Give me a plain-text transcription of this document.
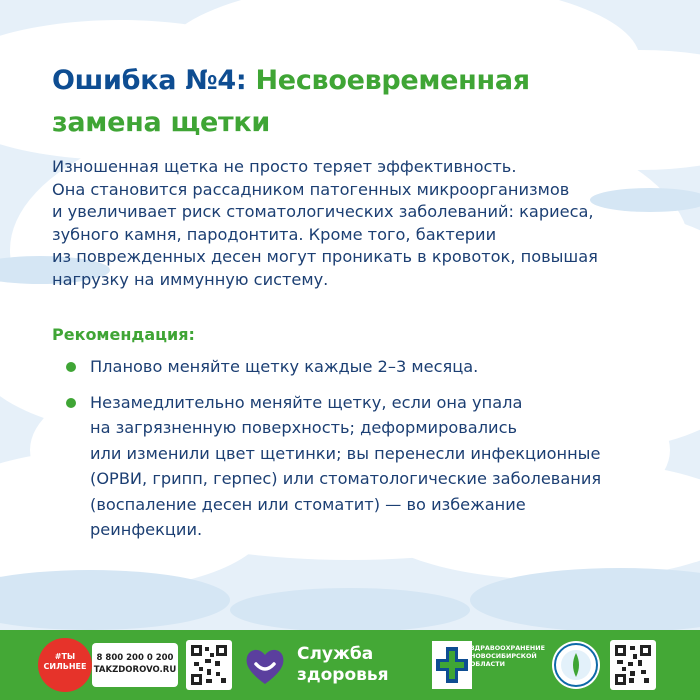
Ошибка №4: Несвоевременная
замена щетки
Изношенная щетка не просто теряет эффективность.
Она становится рассадником патогенных микроорганизмов
и увеличивает риск стоматологических заболеваний: кариеса,
зубного камня, пародонтита. Кроме того, бактерии
из поврежденных десен могут проникать в кровоток, повышая
нагрузку на иммунную систему.
Рекомендация:
Планово меняйте щетку каждые 2–3 месяца.
Незамедлительно меняйте щетку, если она упала
на загрязненную поверхность; деформировались
или изменили цвет щетинки; вы перенесли инфекционные
(ОРВИ, грипп, герпес) или стоматологические заболевания
(воспаление десен или стоматит) — во избежание
реинфекции.
#ТЫ
СИЛЬНЕЕ
8 800 200 0 200
TAKZDOROVO.RU
Служба
здоровья
ЗДРАВООХРАНЕНИЕ
НОВОСИБИРСКОЙ ОБЛАСТИ
